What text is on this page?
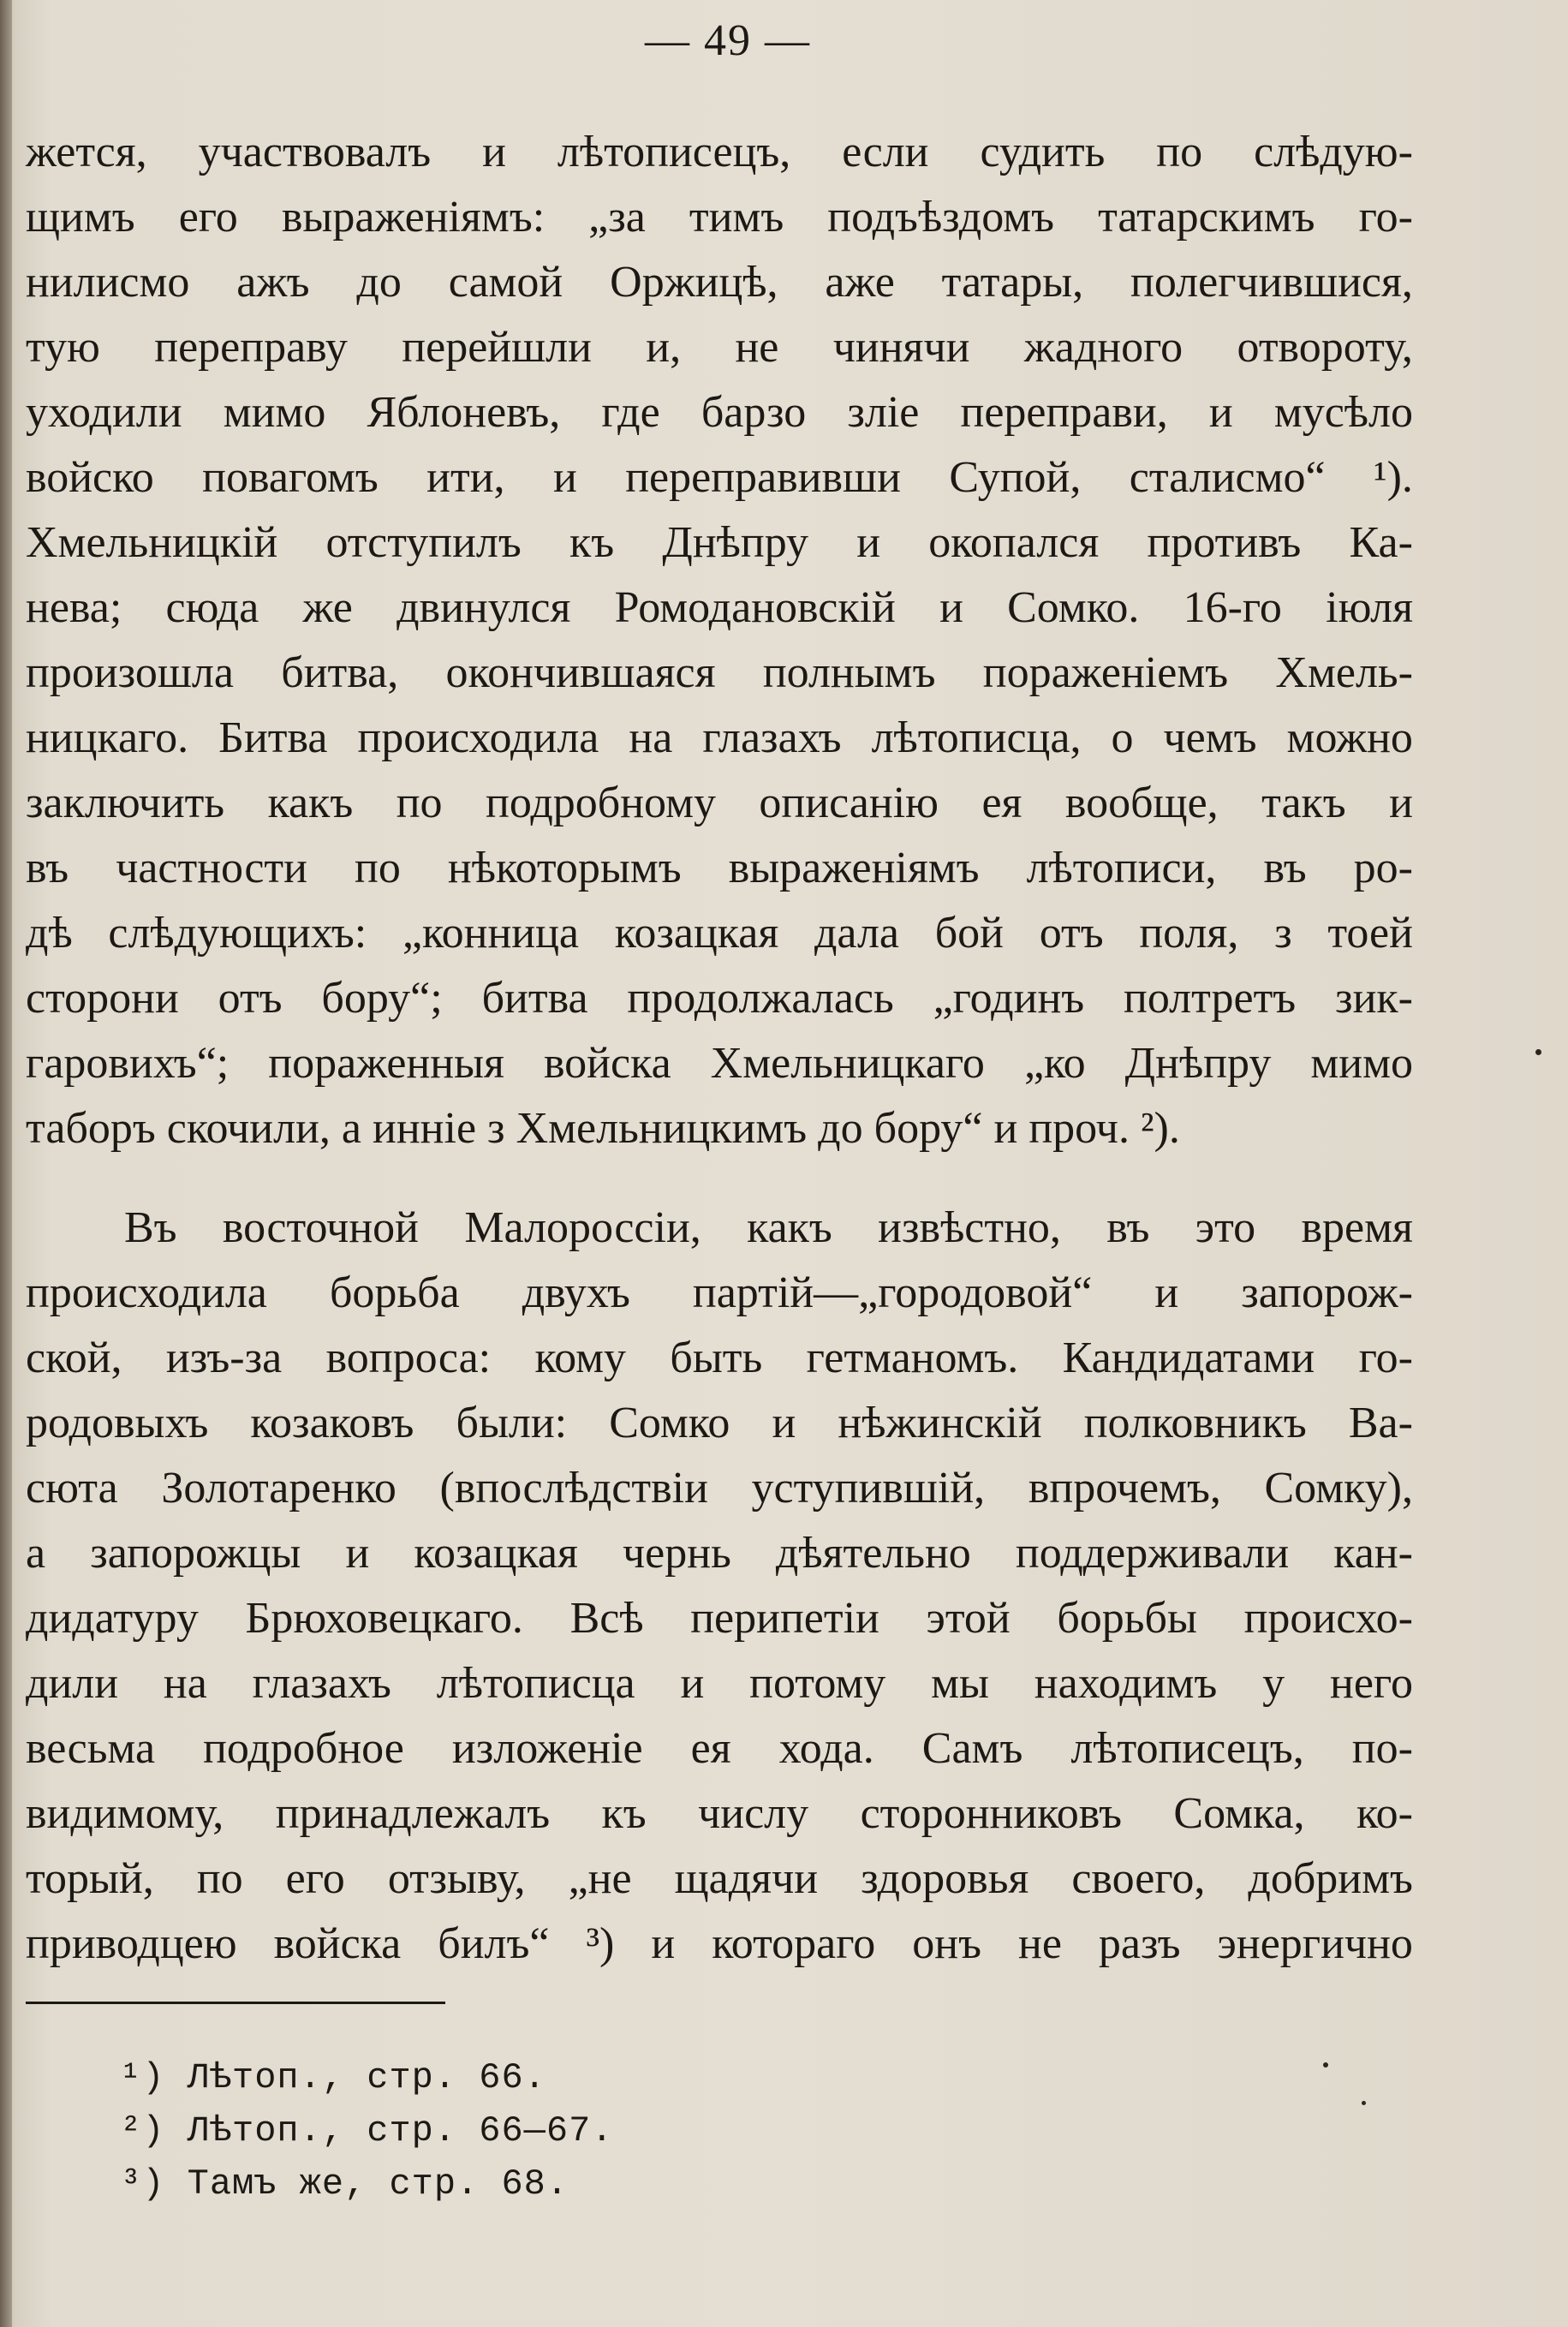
— 49 —
жется, участвовалъ и лѣтописецъ, если судить по слѣдую-
щимъ его выраженіямъ: „за тимъ подъѣздомъ татарскимъ го-
нилисмо ажъ до самой Оржицѣ, аже татары, полегчившися,
тую переправу перейшли и, не чинячи жадного отвороту,
уходили мимо Яблоневъ, где барзо зліе переправи, и мусѣло
войско повагомъ ити, и переправивши Супой, сталисмо“ ¹).
Хмельницкій отступилъ къ Днѣпру и окопался противъ Ка-
нева; сюда же двинулся Ромодановскій и Сомко. 16-го іюля
произошла битва, окончившаяся полнымъ пораженіемъ Хмель-
ницкаго. Битва происходила на глазахъ лѣтописца, о чемъ можно
заключить какъ по подробному описанію ея вообще, такъ и
въ частности по нѣкоторымъ выраженіямъ лѣтописи, въ ро-
дѣ слѣдующихъ: „конница козацкая дала бой отъ поля, з тоей
сторони отъ бору“; битва продолжалась „годинъ полтретъ зик-
гаровихъ“; пораженныя войска Хмельницкаго „ко Днѣпру мимо
таборъ
скочили,
а
инніе
з
Хмельницкимъ
до
бору“
и
проч.
²).

Въ восточной Малороссіи, какъ извѣстно, въ это время
происходила борьба двухъ партій—„городовой“ и запорож-
ской, изъ-за вопроса: кому быть гетманомъ. Кандидатами го-
родовыхъ козаковъ были: Сомко и нѣжинскій полковникъ Ва-
сюта Золотаренко (впослѣдствіи уступившій, впрочемъ, Сомку),
а запорожцы и козацкая чернь дѣятельно поддерживали кан-
дидатуру Брюховецкаго. Всѣ перипетіи этой борьбы происхо-
дили на глазахъ лѣтописца и потому мы находимъ у него
весьма подробное изложеніе ея хода. Самъ лѣтописецъ, по-
видимому, принадлежалъ къ числу сторонниковъ Сомка, ко-
торый, по его отзыву, „не щадячи здоровья своего, добримъ
приводцею войска билъ“ ³) и котораго онъ не разъ энергично
¹) Лѣтоп., стр. 66.
²) Лѣтоп., стр. 66—67.
³) Тамъ же, стр. 68.
